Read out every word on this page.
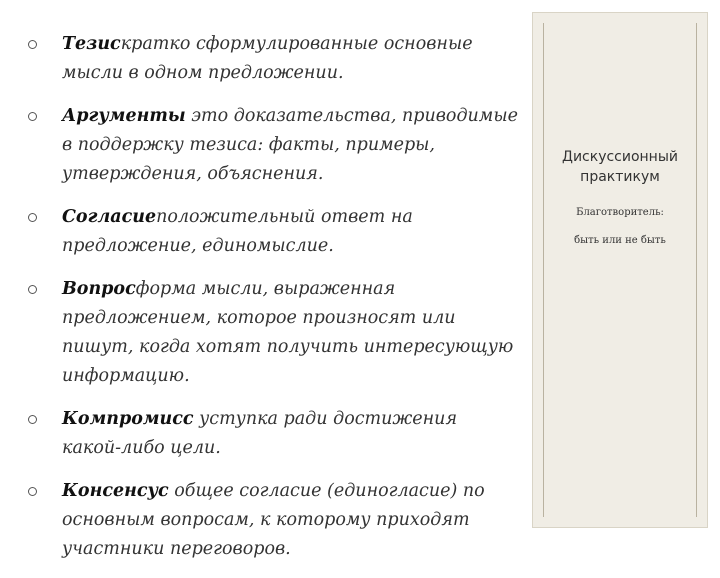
Тезискратко сформулированные основные мысли в одном предложении.
Аргументы это доказательства, приводимые в поддержку тезиса: факты, примеры, утверждения, объяснения.
Согласиеположительный ответ на предложение, единомыслие.
Вопросформа мысли, выраженная предложением, которое произносят или пишут, когда хотят получить интересующую информацию.
Компромисс уступка ради достижения какой-либо цели.
Консенсус общее согласие (единогласие) по основным вопросам, к которому приходят участники переговоров.
Дискуссионный практикум
Благотворитель:
быть или не быть
